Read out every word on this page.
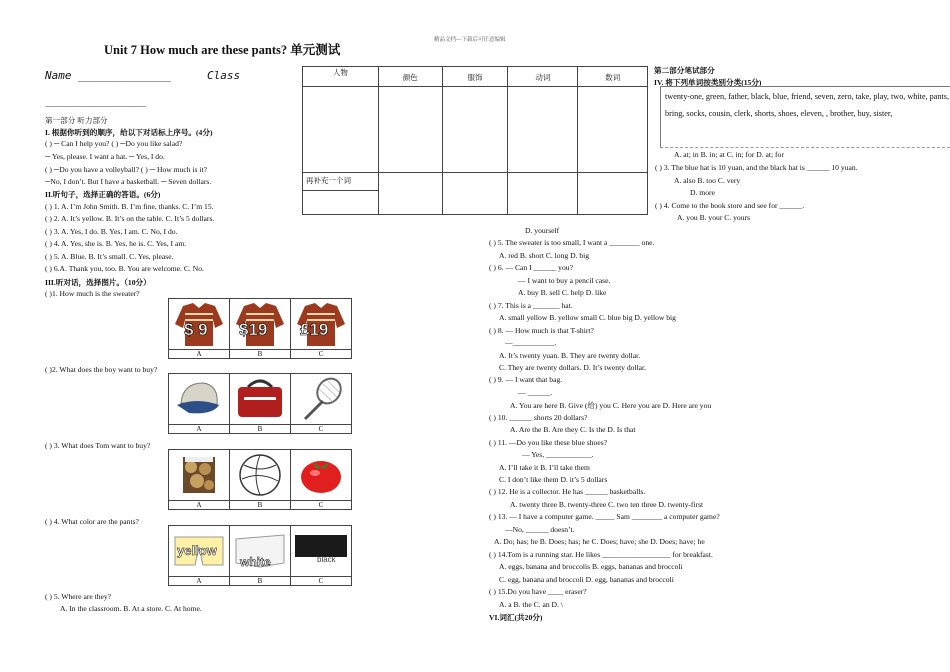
精品文档---下载后可任意编辑
Unit 7 How much are these pants? 单元测试
Name ______________	Class
____________________
第一部分 听力部分
I. 根据你听到的顺序，给以下对话标上序号。(4分)
( ) ─ Can I help you? ( ) ─Do you like salad?
─ Yes, please. I want a hat. ─ Yes, I do.
( ) ─Do you have a volleyball? ( ) ─ How much is it?
─No, I don’t. But I have a basketball. ─ Seven dollars.
II.听句子，选择正确的答语。(6分)
( ) 1. A. I’m John Smith. B. I’m fine, thanks. C. I’m 15.
( ) 2. A. It’s yellow. B. It’s on the table. C. It’s 5 dollars.
( ) 3. A. Yes, I do. B. Yes, I am. C. No, I do.
( ) 4. A. Yes, she is. B. Yes, he is. C. Yes, I am.
( ) 5. A. Blue. B. It’s small. C. Yes, please.
( ) 6.A. Thank you, too. B. You are welcome. C. No.
III.听对话，选择图片。（10分）
( )1. How much is the sweater?
$ 9	$19	£19

A	B	C
( )2. What does the boy want to buy?

A	B	C
( ) 3. What does Tom want to buy?

A	B	C
( ) 4. What color are the pants?
yellow	white	black

A	B	C
( ) 5. Where are they?
A. In the classroom. B. At a store. C. At home.
人物	颜色	服饰	动词	数词

再补充一个词				

D. yourself
( ) 5. The sweater is too small, I want a ________ one.
A. red B. short C. long D. big
( ) 6. — Can I ______ you?
— I want to buy a pencil case.
A. buy B. sell C. help D. like
( ) 7. This is a _______ hat.
A. small yellow B. yellow small C. blue big D. yellow big
( ) 8. — How much is that T-shirt?
—___________.
A. It’s twenty yuan. B. They are twenty dollar.
C. They are twenty dollars. D. It’s twenty dollar.
( ) 9. — I want that bag.
— ______.
A. You are here B. Give (给) you C. Here you are D. Here are you
( ) 10. ______ shorts 20 dollars?
A. Are the B. Are they C. Is the D. Is that
( ) 11. —Do you like these blue shoes?
— Yes, ____________.
A. I’ll take it B. I’ll take them
C. I don’t like them D. it’s 5 dollars
( ) 12. He is a collector. He has ______ basketballs.
A. twenty three B. twenty-three C. two ten three D. twenty-first
( ) 13. — I have a computer game. _____ Sam ________ a computer game?
—No, ______ doesn’t.
A. Do; has; he B. Does; has; he C. Does; have; she D. Does; have; he
( ) 14.Tom is a running star. He likes __________________ for breakfast.
A. eggs, banana and broccolis B. eggs, bananas and broccoli
C. egg, banana and broccoli D. egg, bananas and broccoli
( ) 15.Do you have ____ eraser?
A. a B. the C. an D. \
VI.词汇(共20分)
第二部分笔试部分
IV. 将下列单词按类别分类(15分)
twenty-one, green, father, black, blue, friend, seven, zero, take, play, two, white, pants, bring, socks, cousin, clerk, shorts, shoes, eleven, , brother, buy, sister,
A. at; in B. in; at C. in; for D. at; for
( ) 3. The blue hat is 10 yuan, and the black hat is ______ 10 yuan.
A. also B. too C. very
D. more
( ) 4. Come to the book store and see for ______.
A. you B. your C. yours
